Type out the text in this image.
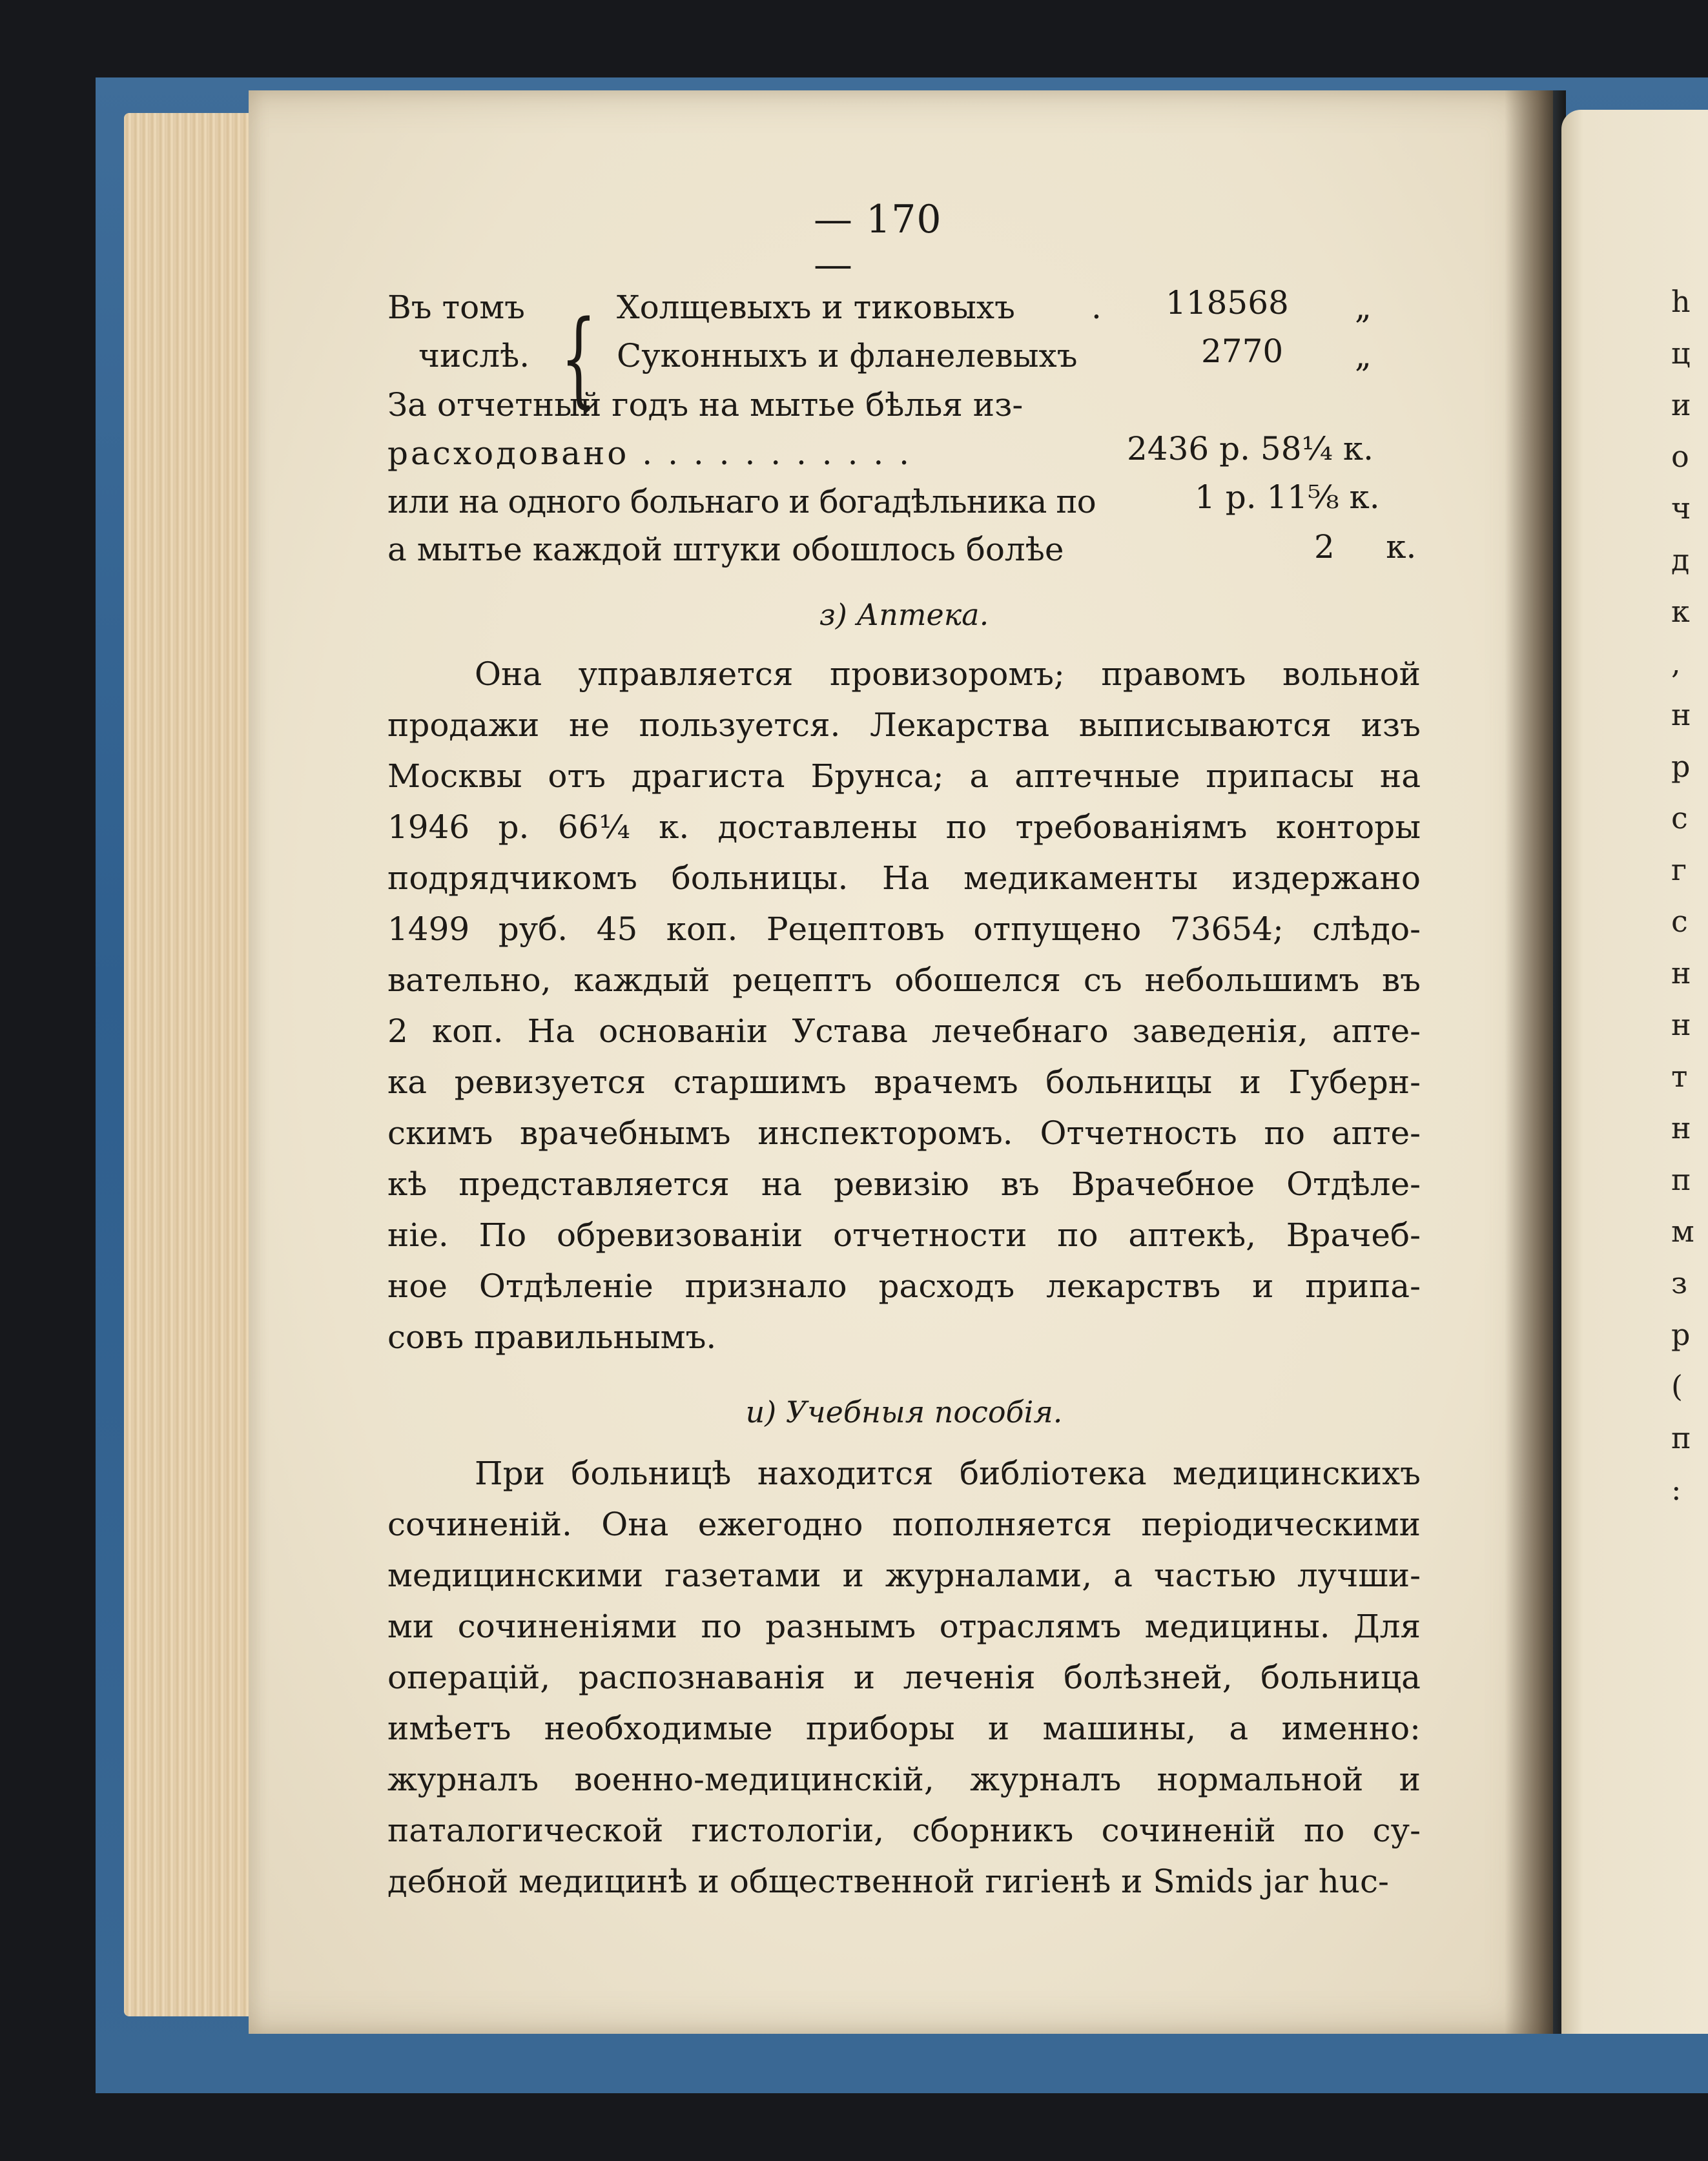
h
ц
и
о
ч
д
к
,
н
р
с
г
с
н
н
т
н
п
м
з
р
(
п
:
— 170 —
Въ томъ
числѣ. { Холщевыхъ и тиковыхъ . 118568 „
Суконныхъ и фланелевыхъ	2770 „
За отчетный годъ на мытье бѣлья из-
расходовано . . . . . . . . . . .	2436 р. 58¼ к.
или на одного больнаго и богадѣльника по	1 р. 11⅝ к.
а мытье каждой штуки обошлось болѣе	2     к.
з) Аптека.
Она управляется провизоромъ; правомъ вольной
продажи не пользуется. Лекарства выписываются изъ
Москвы отъ драгиста Брунса; а аптечные припасы на
1946 р. 66¼ к. доставлены по требованіямъ конторы
подрядчикомъ больницы. На медикаменты издержано
1499 руб. 45 коп. Рецептовъ отпущено 73654; слѣдо-
вательно, каждый рецептъ обошелся съ небольшимъ въ
2 коп. На основаніи Устава лечебнаго заведенія, апте-
ка ревизуется старшимъ врачемъ больницы и Губерн-
скимъ врачебнымъ инспекторомъ. Отчетность по апте-
кѣ представляется на ревизію въ Врачебное Отдѣле-
ніе. По обревизованіи отчетности по аптекѣ, Врачеб-
ное Отдѣленіе признало расходъ лекарствъ и припа-
совъ правильнымъ.
и) Учебныя пособія.
При больницѣ находится библіотека медицинскихъ
сочиненій. Она ежегодно пополняется періодическими
медицинскими газетами и журналами, а частью лучши-
ми сочиненіями по разнымъ отраслямъ медицины. Для
операцій, распознаванія и леченія болѣзней, больница
имѣетъ необходимые приборы и машины, а именно:
журналъ военно-медицинскій, журналъ нормальной и
паталогической гистологіи, сборникъ сочиненій по су-
дебной медицинѣ и общественной гигіенѣ и Smids jar huc-
